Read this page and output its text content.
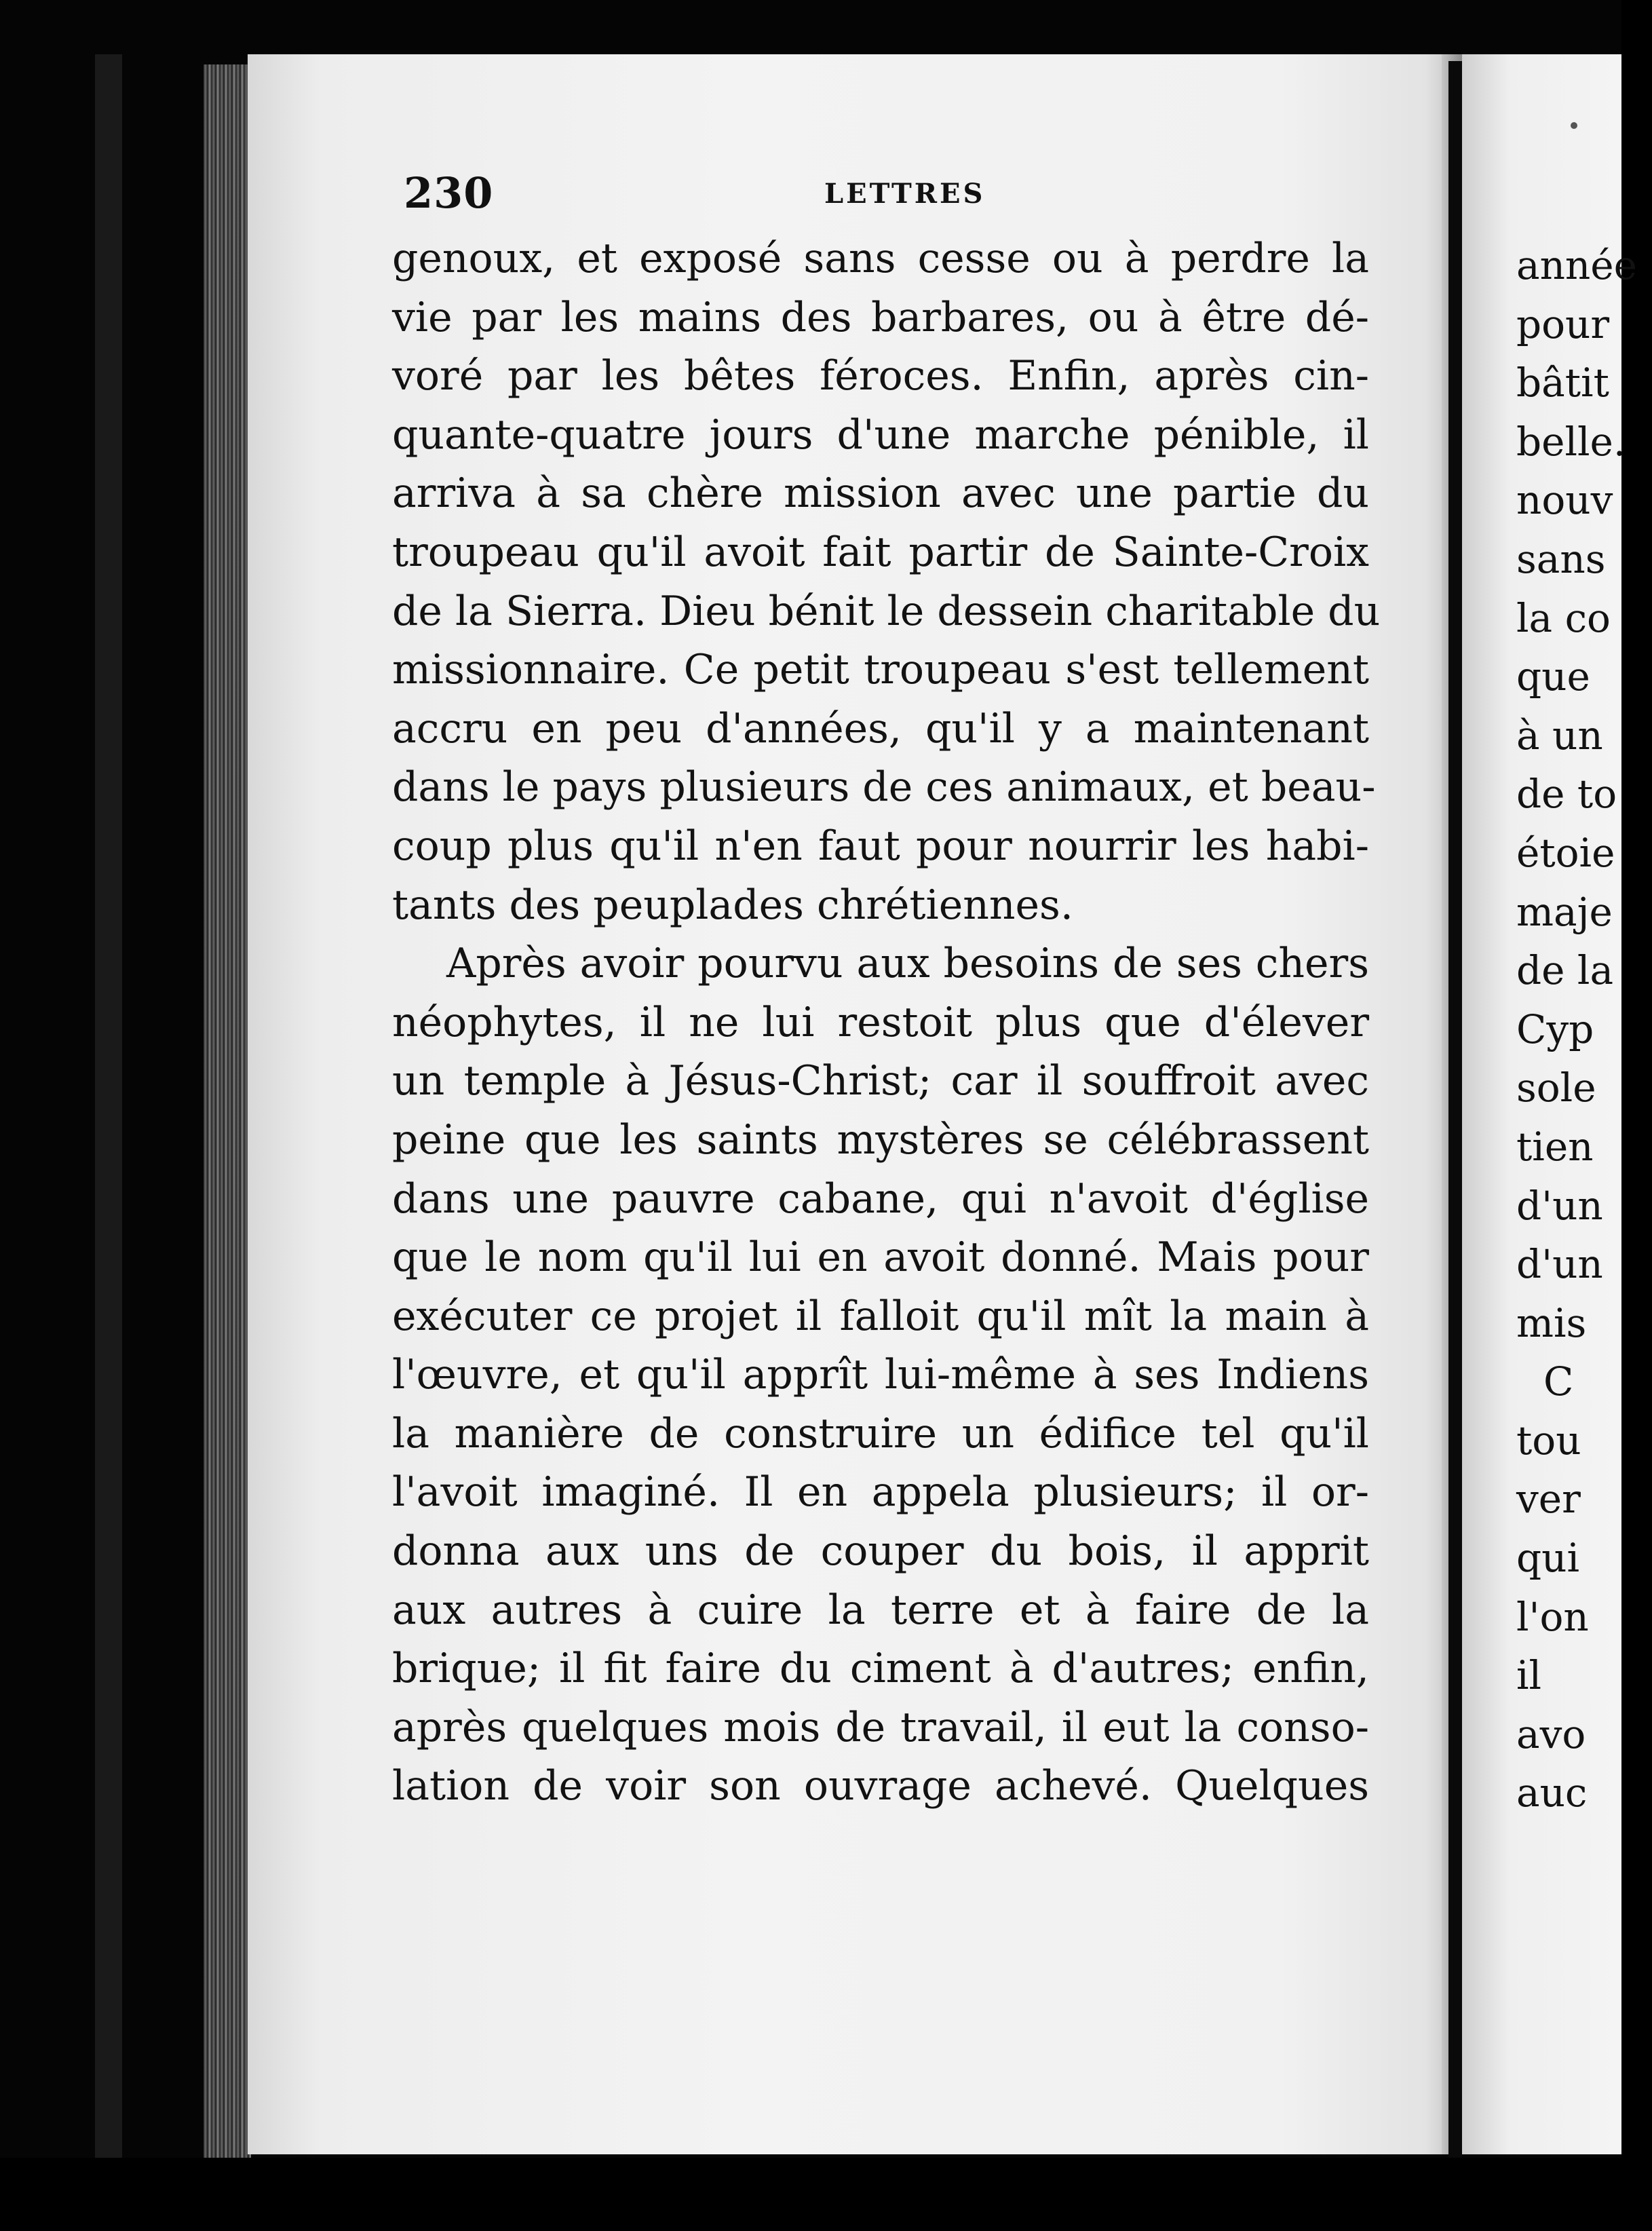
230	LETTRES
genoux, et exposé sans cesse ou à perdre la
vie par les mains des barbares, ou à être dé-
voré par les bêtes féroces. Enfin, après cin-
quante-quatre jours d'une marche pénible, il
arriva à sa chère mission avec une partie du
troupeau qu'il avoit fait partir de Sainte-Croix
de la Sierra. Dieu bénit le dessein charitable du
missionnaire. Ce petit troupeau s'est tellement
accru en peu d'années, qu'il y a maintenant
dans le pays plusieurs de ces animaux, et beau-
coup plus qu'il n'en faut pour nourrir les habi-
tants des peuplades chrétiennes.
Après avoir pourvu aux besoins de ses chers
néophytes, il ne lui restoit plus que d'élever
un temple à Jésus-Christ; car il souffroit avec
peine que les saints mystères se célébrassent
dans une pauvre cabane, qui n'avoit d'église
que le nom qu'il lui en avoit donné. Mais pour
exécuter ce projet il falloit qu'il mît la main à
l'œuvre, et qu'il apprît lui-même à ses Indiens
la manière de construire un édifice tel qu'il
l'avoit imaginé. Il en appela plusieurs; il or-
donna aux uns de couper du bois, il apprit
aux autres à cuire la terre et à faire de la
brique; il fit faire du ciment à d'autres; enfin,
après quelques mois de travail, il eut la conso-
lation de voir son ouvrage achevé. Quelques
année
pour
bâtit
belle.
nouv
sans
la co
que
à un
de to
étoie
maje
de la
Cyp
sole
tien
d'un
d'un
mis
C
tou
ver
qui
l'on
il
avo
auc
